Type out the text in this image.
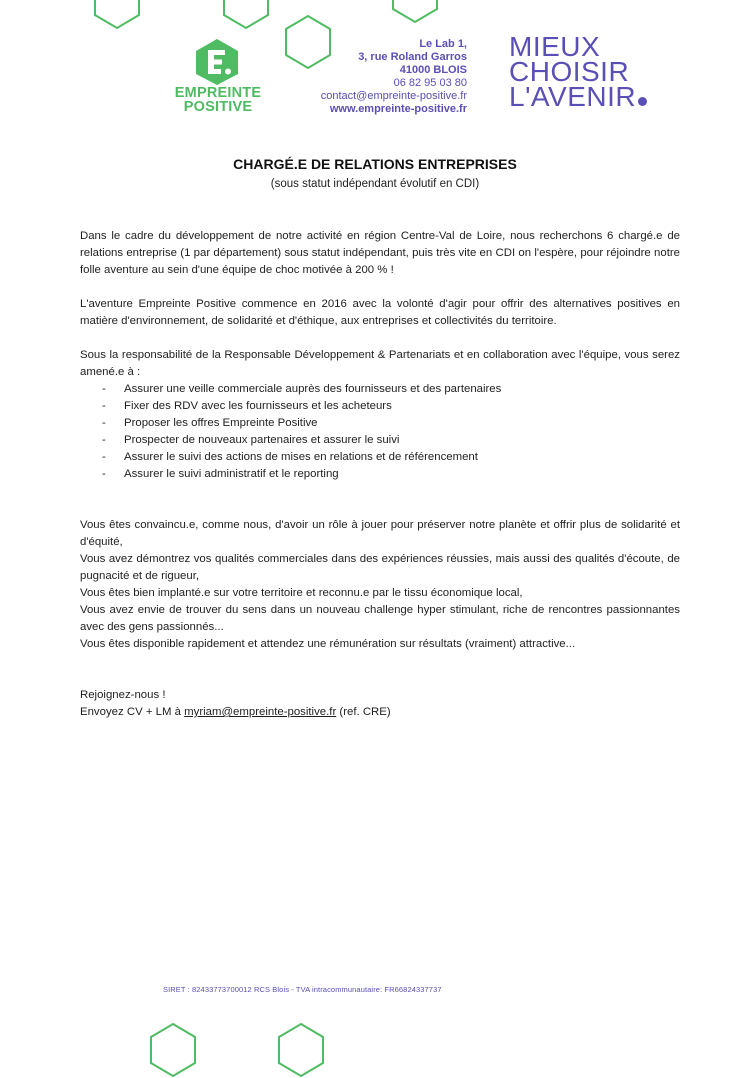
EMPREINTE
POSITIVE
Le Lab 1,
3, rue Roland Garros
41000 BLOIS
06 82 95 03 80
contact@empreinte-positive.fr
www.empreinte-positive.fr
MIEUX
CHOISIR
L'AVENIR
CHARGÉ.E DE RELATIONS ENTREPRISES
(sous statut indépendant évolutif en CDI)

Dans le cadre du développement de notre activité en région Centre-Val de Loire, nous recherchons 6 chargé.e de relations entreprise (1 par département) sous statut indépendant, puis très vite en CDI on l'espère, pour réjoindre notre folle aventure au sein d'une équipe de choc motivée à 200 % !

L'aventure Empreinte Positive commence en 2016 avec la volonté d'agir pour offrir des alternatives positives en matière d'environnement, de solidarité et d'éthique, aux entreprises et collectivités du territoire.

Sous la responsabilité de la Responsable Développement & Partenariats et en collaboration avec l'équipe, vous serez amené.e à :

- Assurer une veille commerciale auprès des fournisseurs et des partenaires
- Fixer des RDV avec les fournisseurs et les acheteurs
- Proposer les offres Empreinte Positive
- Prospecter de nouveaux partenaires et assurer le suivi
- Assurer le suivi des actions de mises en relations et de référencement
- Assurer le suivi administratif et le reporting

Vous êtes convaincu.e, comme nous, d'avoir un rôle à jouer pour préserver notre planète et offrir plus de solidarité et d'équité,

Vous avez démontrez vos qualités commerciales dans des expériences réussies, mais aussi des qualités d'écoute, de pugnacité et de rigueur,

Vous êtes bien implanté.e sur votre territoire et reconnu.e par le tissu économique local,

Vous avez envie de trouver du sens dans un nouveau challenge hyper stimulant, riche de rencontres passionnantes avec des gens passionnés...

Vous êtes disponible rapidement et attendez une rémunération sur résultats (vraiment) attractive...

Rejoignez-nous !

Envoyez CV + LM à myriam@empreinte-positive.fr (ref. CRE)

SIRET : 82433773700012 RCS Blois - TVA intracommunautaire: FR66824337737
